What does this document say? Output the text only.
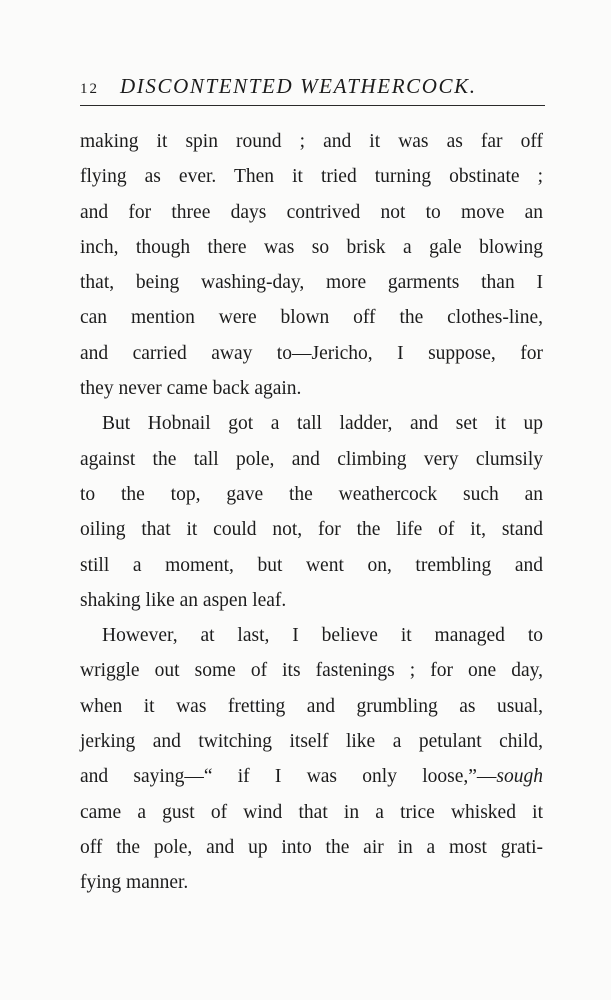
12	DISCONTENTED WEATHERCOCK.
making it spin round ; and it was as far off
flying as ever. Then it tried turning obstinate ;
and for three days contrived not to move an
inch, though there was so brisk a gale blowing
that, being washing-day, more garments than I
can mention were blown off the clothes-line,
and carried away to—Jericho, I suppose, for
they never came back again.
But Hobnail got a tall ladder, and set it up
against the tall pole, and climbing very clumsily
to the top, gave the weathercock such an
oiling that it could not, for the life of it, stand
still a moment, but went on, trembling and
shaking like an aspen leaf.
However, at last, I believe it managed to
wriggle out some of its fastenings ; for one day,
when it was fretting and grumbling as usual,
jerking and twitching itself like a petulant child,
and saying—“ if I was only loose,”—sough
came a gust of wind that in a trice whisked it
off the pole, and up into the air in a most grati-
fying manner.
